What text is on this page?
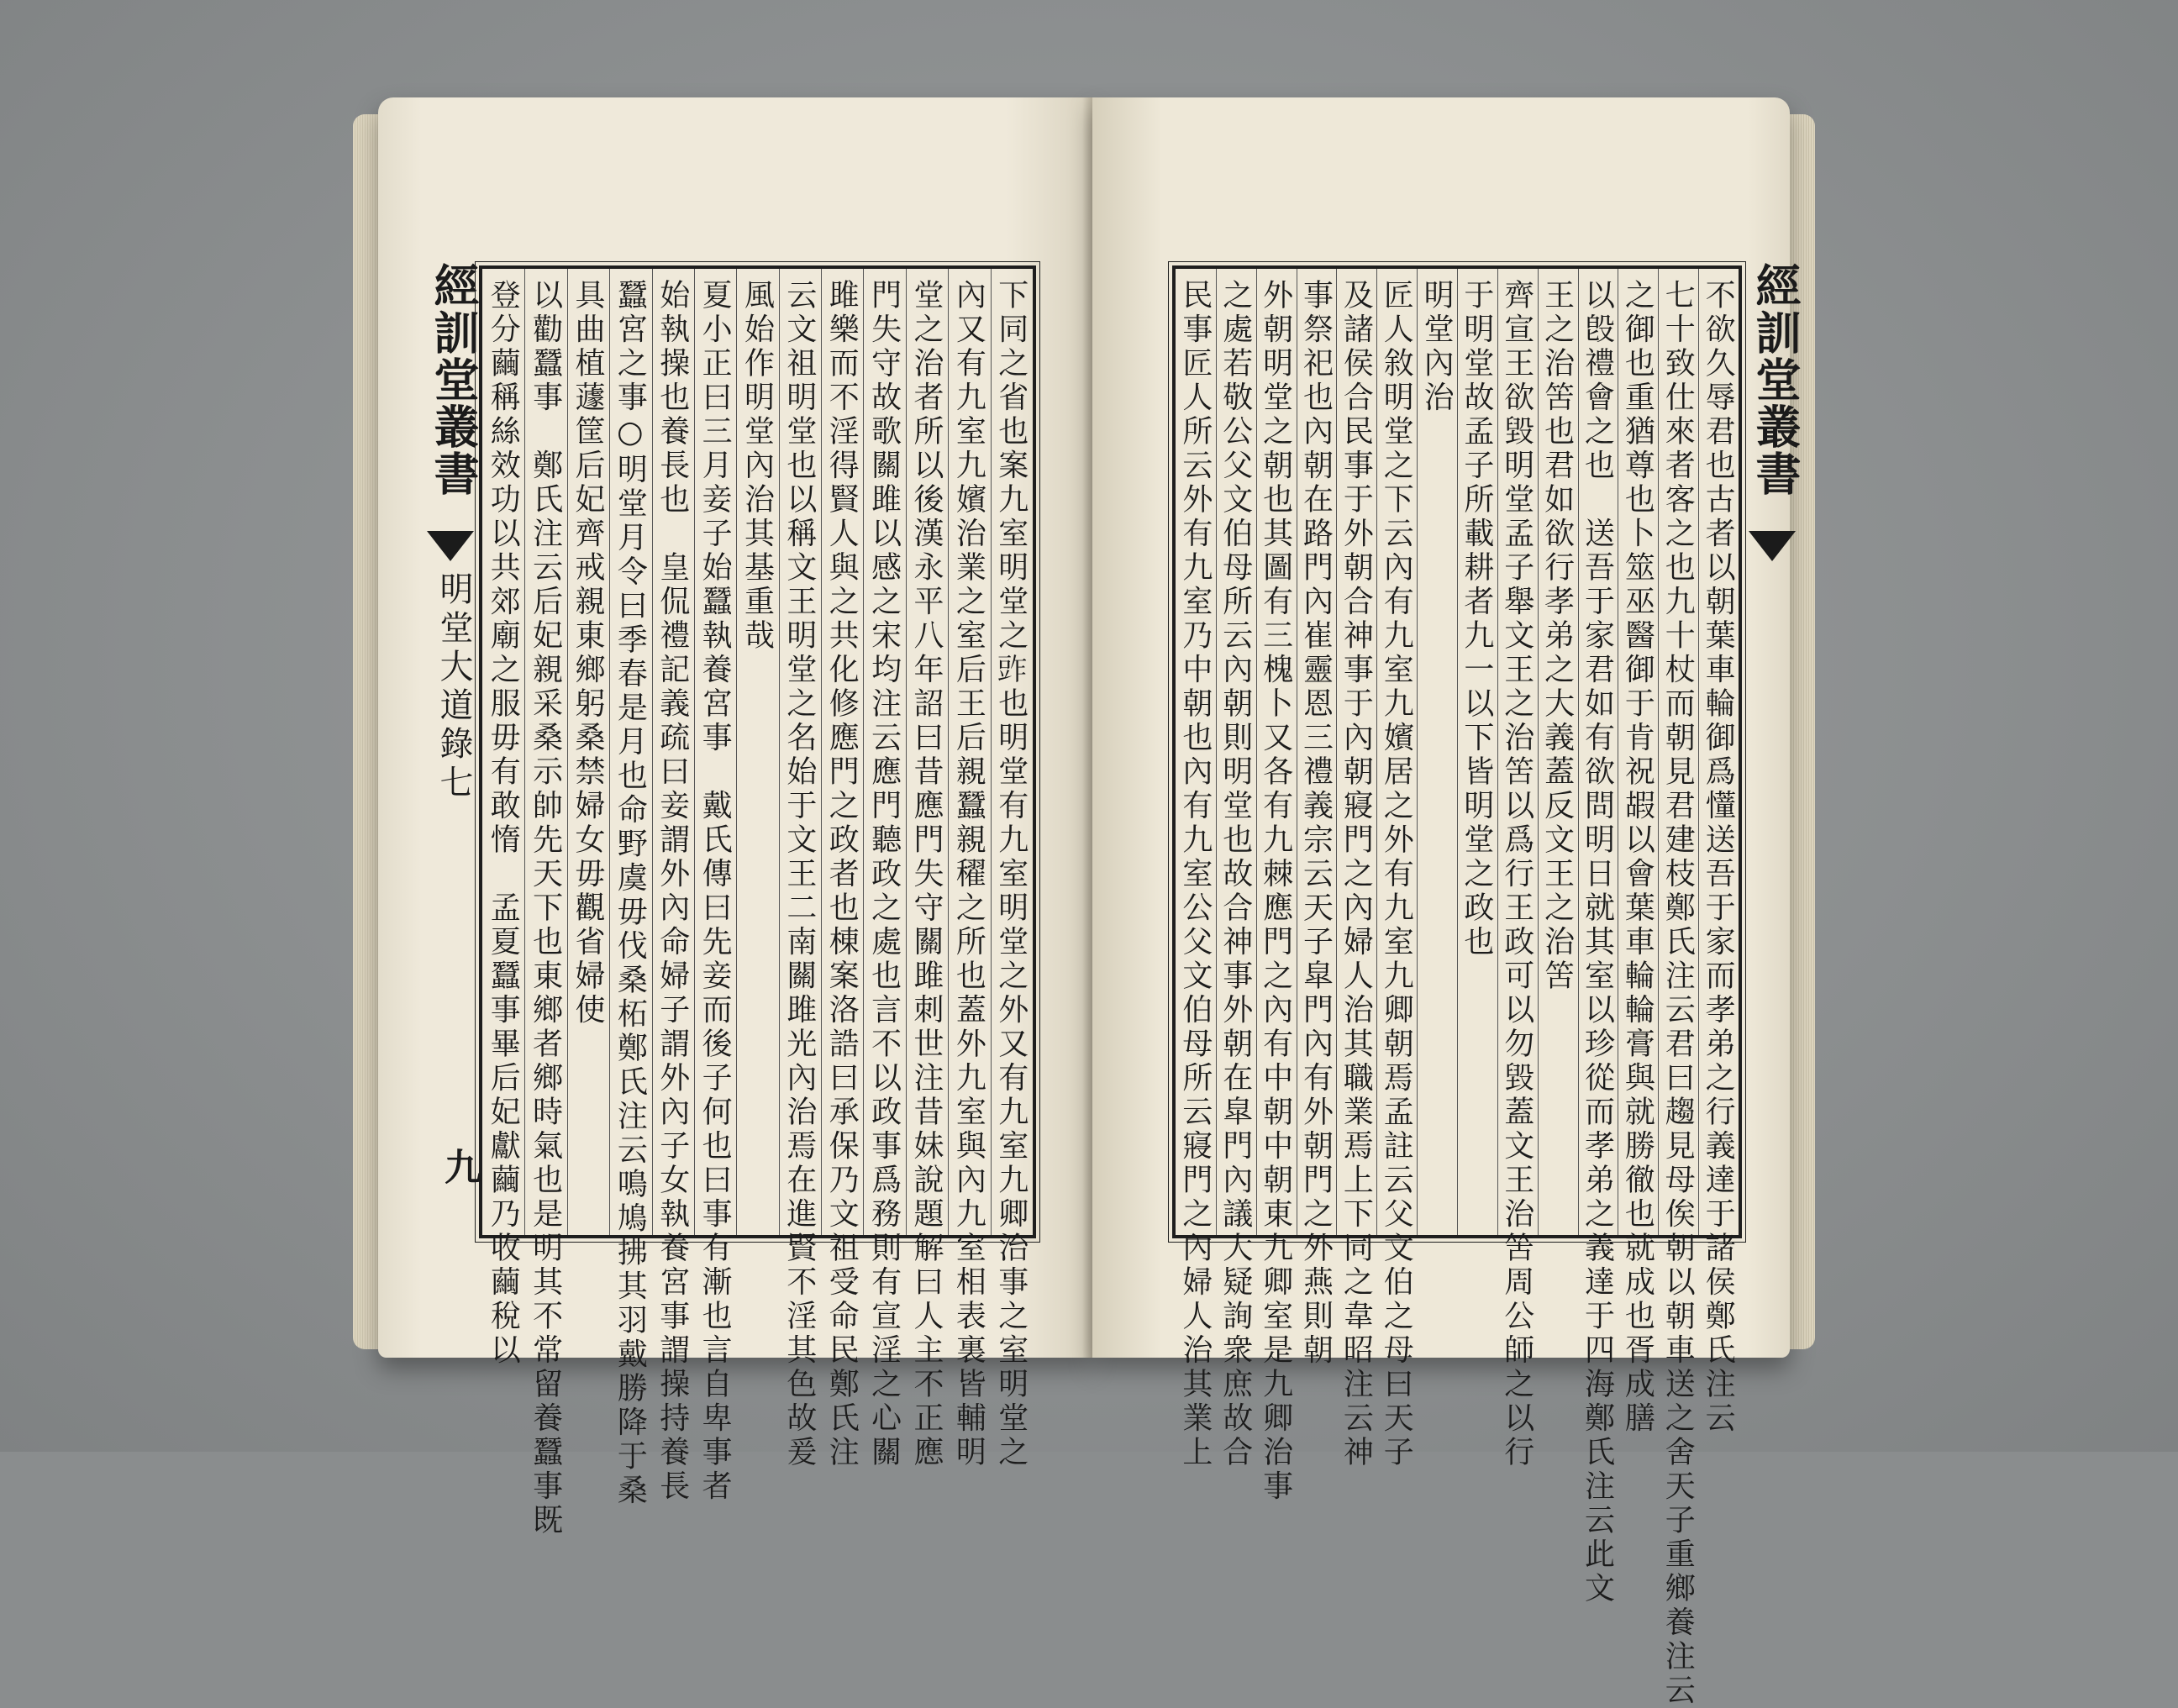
經訓堂叢書
明堂大道錄七
九	下同之省也案九室明堂之𧯤也明堂有九室明堂之外又有九室九卿治事之室明堂之
內又有九室九嬪治業之室后王后親蠶親𥣞之所也蓋外九室與內九室相表裏皆輔明
堂之治者所以後漢永平八年詔曰昔應門失守關雎刺世注昔妹說題解曰人主不正應
門失守故歌關雎以感之宋均注云應門聽政之處也言不以政事爲務則有宣淫之心關
雎樂而不淫得賢人與之共化修應門之政者也棟案洛誥曰承保乃文祖受命民鄭氏注
云文祖明堂也以稱文王明堂之名始于文王二南關雎光內治焉在進賢不淫其色故爰
風始作明堂內治其基重哉
夏小正曰三月妾子始蠶執養宮事　戴氏傳曰先妾而後子何也曰事有漸也言自卑事者
始執操也養長也　皇侃禮記義疏曰妾謂外內命婦子謂外內子女執養宮事謂操持養長
蠶宮之事○明堂月令曰季春是月也命野虞毋伐桑柘鄭氏注云鳴鳩拂其羽戴勝降于桑
具曲植蘧筐后妃齊戒親東鄉躬桑禁婦女毋觀省婦使
以勸蠶事　鄭氏注云后妃親采桑示帥先天下也東鄉者鄉時氣也是明其不常留養蠶事既
登分繭稱絲效功以共郊廟之服毋有敢惰　孟夏蠶事畢后妃獻繭乃收繭稅以	經訓堂叢書
不欲久辱君也古者以朝葉車輪御爲𢤦送吾于家而孝弟之行義達于諸侯鄭氏注云
七十致仕來者客之也九十杖而朝見君建枝鄭氏注云君曰趨見母俟朝以朝車送之舍天子重鄉養注云
之御也重猶尊也卜筮巫醫御于肯祝嘏以會葉車輪輪膏與就勝徹也就成也胥成膳
以𣪘禮會之也　送吾于家君如有欲問明日就其室以珍從而孝弟之義達于四海鄭氏注云此文
王之治䇢也君如欲行孝弟之大義蓋反文王之治䇢
齊宣王欲毀明堂孟子舉文王之治䇢以爲行王政可以勿毀蓋文王治䇢周公師之以行
于明堂故孟子所載耕者九一以下皆明堂之政也
明堂內治
匠人敘明堂之下云內有九室九嬪居之外有九室九卿朝焉孟註云父文伯之母曰天子
及諸侯合民事于外朝合神事于內朝寢門之內婦人治其職業焉上下同之韋昭注云神
事祭祀也內朝在路門內崔靈恩三禮義宗云天子皐門內有外朝門之外燕則朝
外朝明堂之朝也其圖有三槐卜又各有九棘應門之內有中朝中朝東九卿室是九卿治事
之處若敬公父文伯母所云內朝則明堂也故合神事外朝在皐門內議大疑詢衆庶故合
民事匠人所云外有九室乃中朝也內有九室公父文伯母所云寢門之內婦人治其業上
